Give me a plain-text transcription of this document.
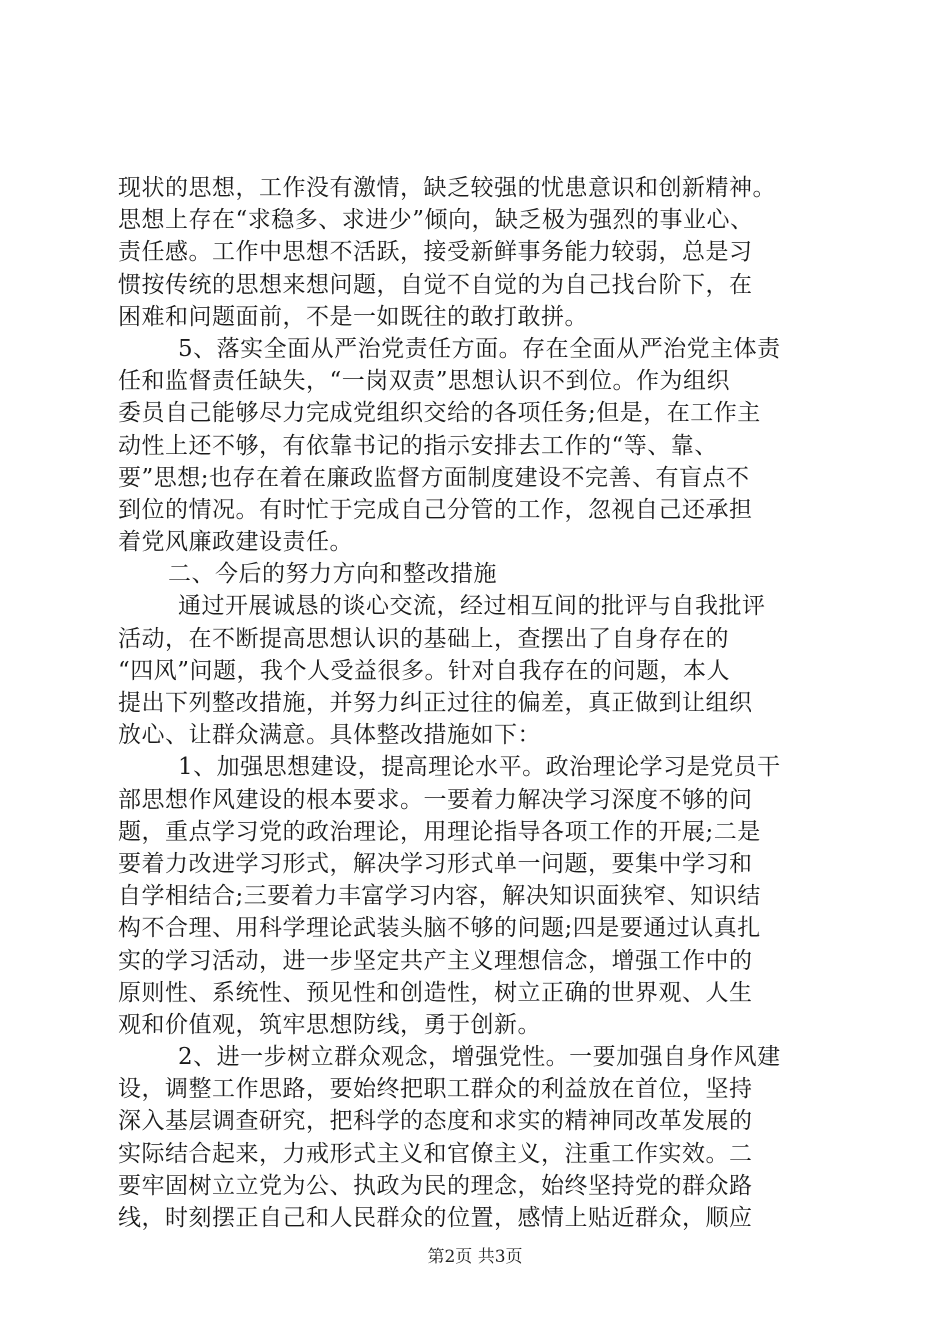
现状的思想，工作没有激情，缺乏较强的忧患意识和创新精神。
思想上存在“求稳多、求进少”倾向，缺乏极为强烈的事业心、
责任感。工作中思想不活跃，接受新鲜事务能力较弱，总是习
惯按传统的思想来想问题，自觉不自觉的为自己找台阶下，在
困难和问题面前，不是一如既往的敢打敢拼。
5、落实全面从严治党责任方面。存在全面从严治党主体责
任和监督责任缺失，“一岗双责”思想认识不到位。作为组织
委员自己能够尽力完成党组织交给的各项任务;但是，在工作主
动性上还不够，有依靠书记的指示安排去工作的“等、靠、
要”思想;也存在着在廉政监督方面制度建设不完善、有盲点不
到位的情况。有时忙于完成自己分管的工作，忽视自己还承担
着党风廉政建设责任。
二、今后的努力方向和整改措施
通过开展诚恳的谈心交流，经过相互间的批评与自我批评
活动，在不断提高思想认识的基础上，查摆出了自身存在的
“四风”问题，我个人受益很多。针对自我存在的问题，本人
提出下列整改措施，并努力纠正过往的偏差，真正做到让组织
放心、让群众满意。具体整改措施如下：
1、加强思想建设，提高理论水平。政治理论学习是党员干
部思想作风建设的根本要求。一要着力解决学习深度不够的问
题，重点学习党的政治理论，用理论指导各项工作的开展;二是
要着力改进学习形式，解决学习形式单一问题，要集中学习和
自学相结合;三要着力丰富学习内容，解决知识面狭窄、知识结
构不合理、用科学理论武装头脑不够的问题;四是要通过认真扎
实的学习活动，进一步坚定共产主义理想信念，增强工作中的
原则性、系统性、预见性和创造性，树立正确的世界观、人生
观和价值观，筑牢思想防线，勇于创新。
2、进一步树立群众观念，增强党性。一要加强自身作风建
设，调整工作思路，要始终把职工群众的利益放在首位，坚持
深入基层调查研究，把科学的态度和求实的精神同改革发展的
实际结合起来，力戒形式主义和官僚主义，注重工作实效。二
要牢固树立立党为公、执政为民的理念，始终坚持党的群众路
线，时刻摆正自己和人民群众的位置，感情上贴近群众，顺应
第2页 共3页
